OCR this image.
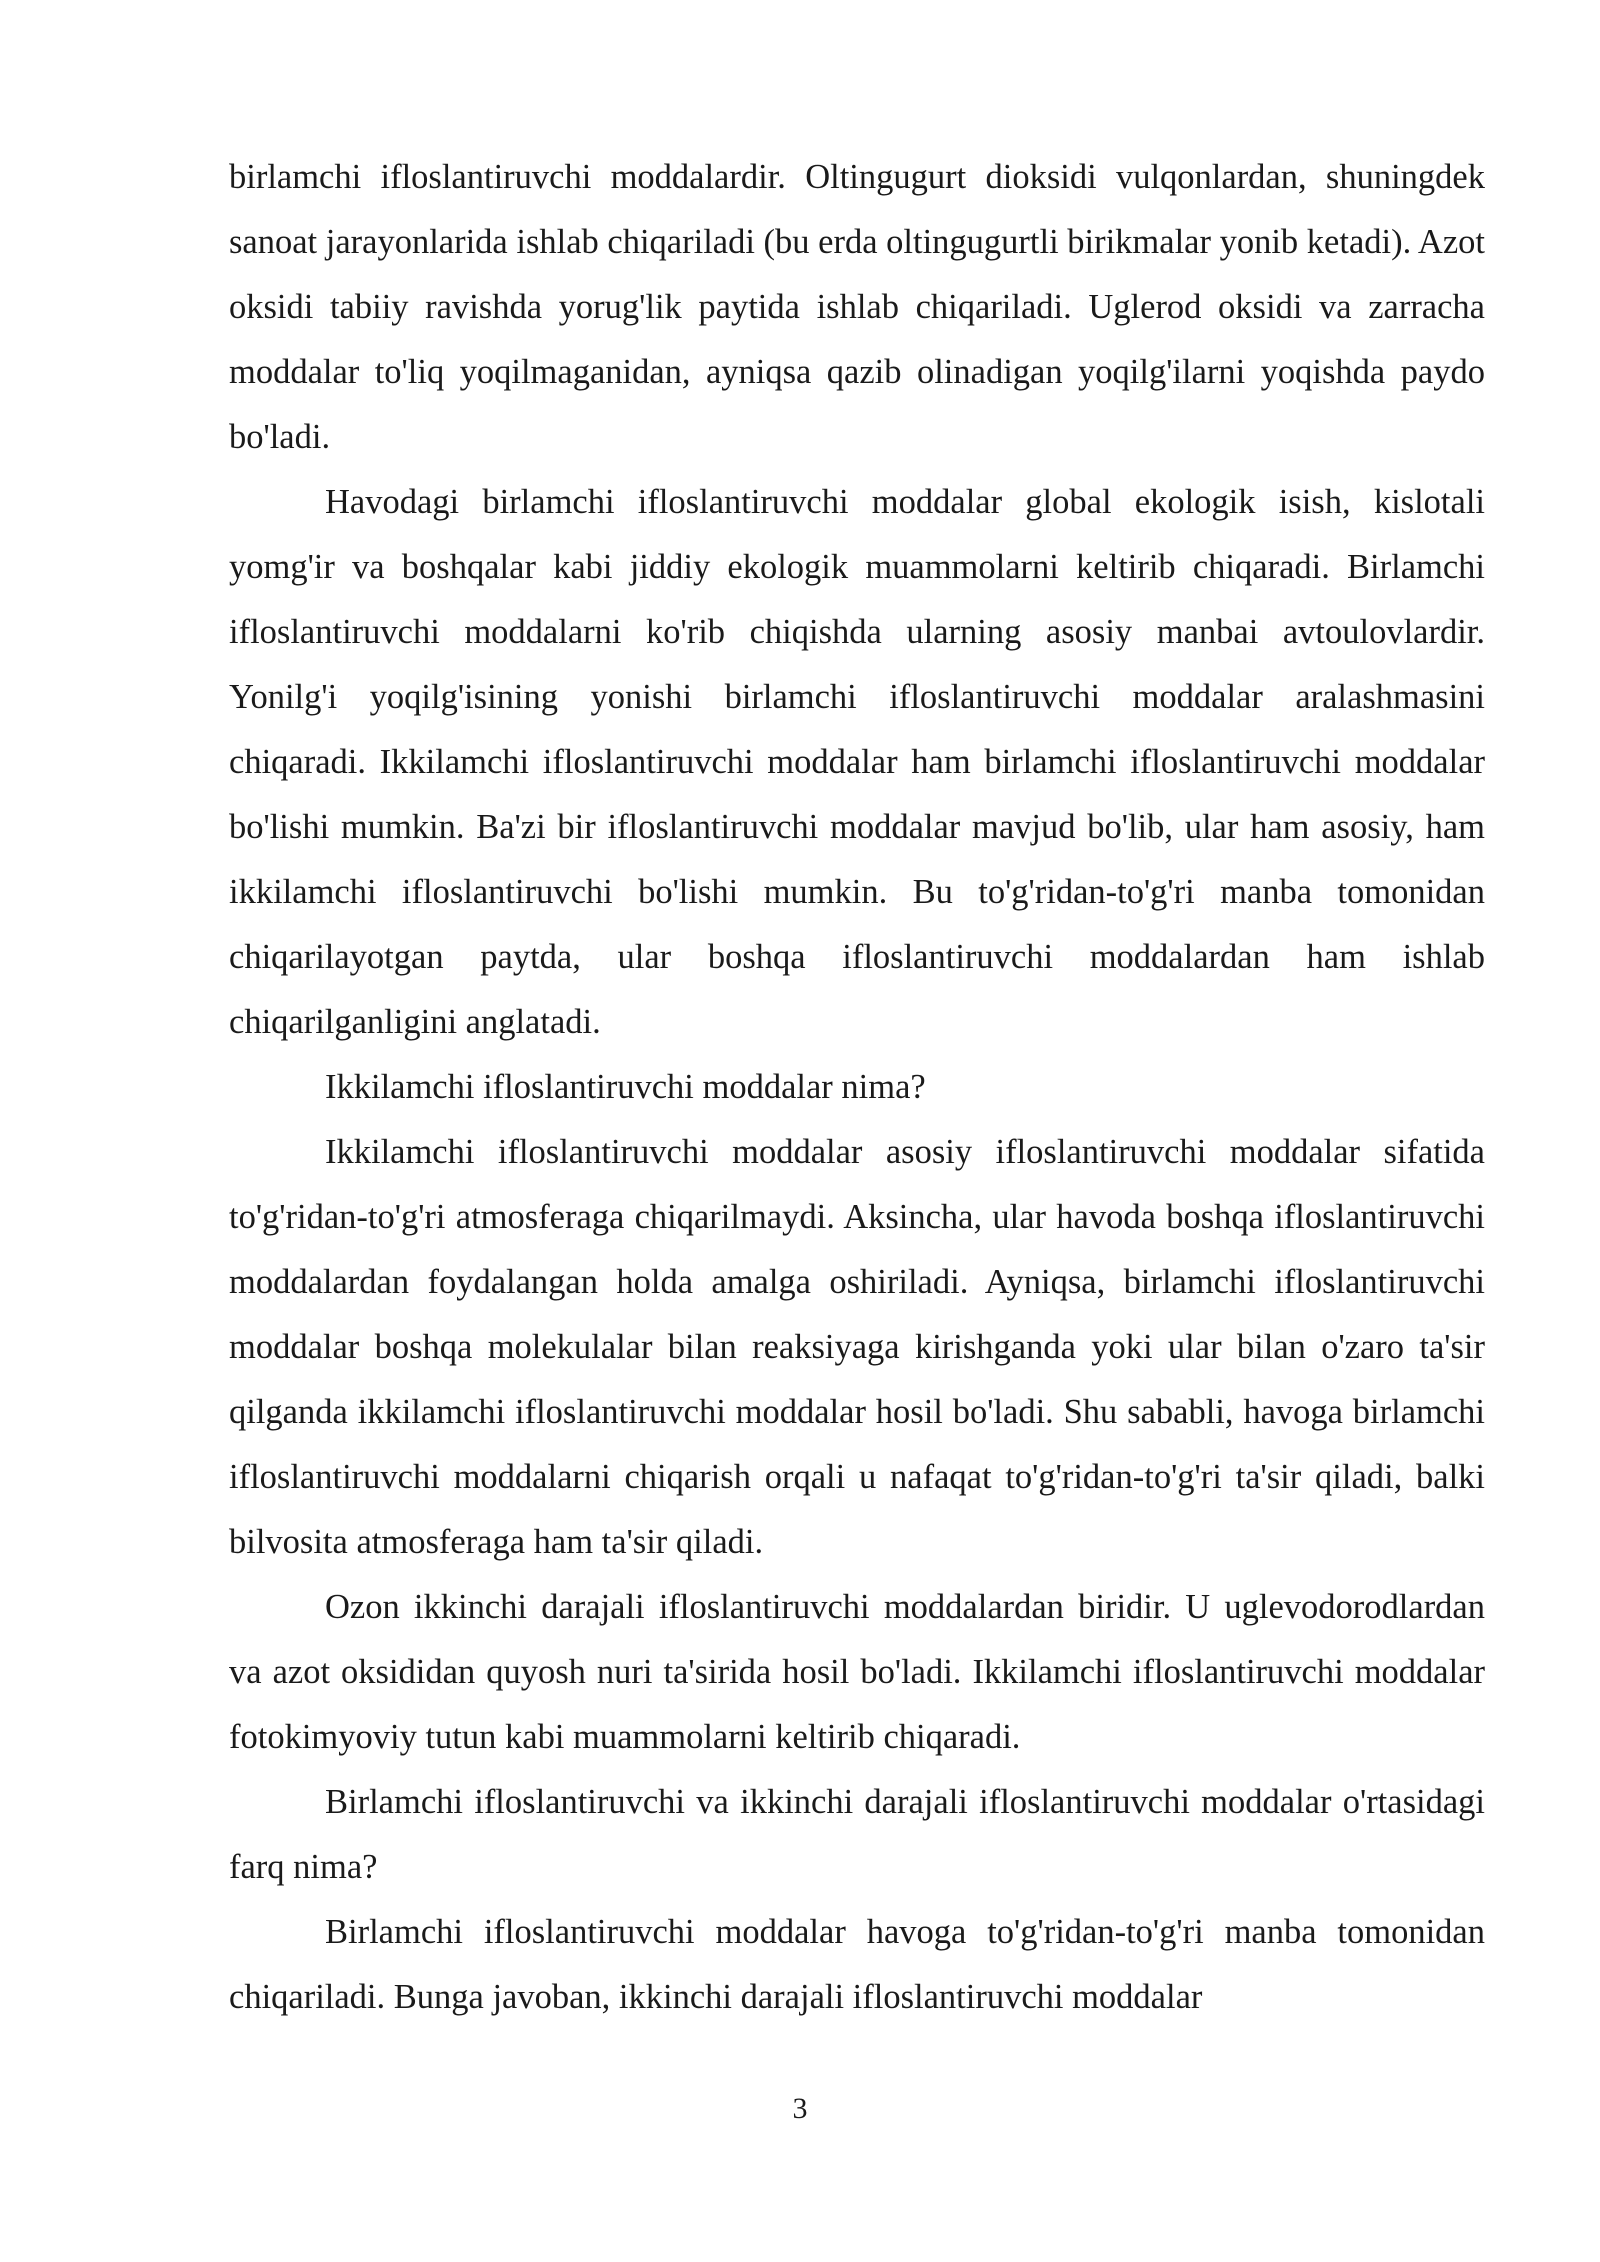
birlamchi ifloslantiruvchi moddalardir. Oltingugurt dioksidi vulqonlardan, shuningdek sanoat jarayonlarida ishlab chiqariladi (bu erda oltingugurtli birikmalar yonib ketadi). Azot oksidi tabiiy ravishda yorug'lik paytida ishlab chiqariladi. Uglerod oksidi va zarracha moddalar to'liq yoqilmaganidan, ayniqsa qazib olinadigan yoqilg'ilarni yoqishda paydo bo'ladi.

Havodagi birlamchi ifloslantiruvchi moddalar global ekologik isish, kislotali yomg'ir va boshqalar kabi jiddiy ekologik muammolarni keltirib chiqaradi. Birlamchi ifloslantiruvchi moddalarni ko'rib chiqishda ularning asosiy manbai avtoulovlardir. Yonilg'i yoqilg'isining yonishi birlamchi ifloslantiruvchi moddalar aralashmasini chiqaradi. Ikkilamchi ifloslantiruvchi moddalar ham birlamchi ifloslantiruvchi moddalar bo'lishi mumkin. Ba'zi bir ifloslantiruvchi moddalar mavjud bo'lib, ular ham asosiy, ham ikkilamchi ifloslantiruvchi bo'lishi mumkin. Bu to'g'ridan-to'g'ri manba tomonidan chiqarilayotgan paytda, ular boshqa ifloslantiruvchi moddalardan ham ishlab chiqarilganligini anglatadi.

Ikkilamchi ifloslantiruvchi moddalar nima?

Ikkilamchi ifloslantiruvchi moddalar asosiy ifloslantiruvchi moddalar sifatida to'g'ridan-to'g'ri atmosferaga chiqarilmaydi. Aksincha, ular havoda boshqa ifloslantiruvchi moddalardan foydalangan holda amalga oshiriladi. Ayniqsa, birlamchi ifloslantiruvchi moddalar boshqa molekulalar bilan reaksiyaga kirishganda yoki ular bilan o'zaro ta'sir qilganda ikkilamchi ifloslantiruvchi moddalar hosil bo'ladi. Shu sababli, havoga birlamchi ifloslantiruvchi moddalarni chiqarish orqali u nafaqat to'g'ridan-to'g'ri ta'sir qiladi, balki bilvosita atmosferaga ham ta'sir qiladi.

Ozon ikkinchi darajali ifloslantiruvchi moddalardan biridir. U uglevodorodlardan va azot oksididan quyosh nuri ta'sirida hosil bo'ladi. Ikkilamchi ifloslantiruvchi moddalar fotokimyoviy tutun kabi muammolarni keltirib chiqaradi.

Birlamchi ifloslantiruvchi va ikkinchi darajali ifloslantiruvchi moddalar o'rtasidagi farq nima?

Birlamchi ifloslantiruvchi moddalar havoga to'g'ridan-to'g'ri manba tomonidan chiqariladi. Bunga javoban, ikkinchi darajali ifloslantiruvchi moddalar

3
